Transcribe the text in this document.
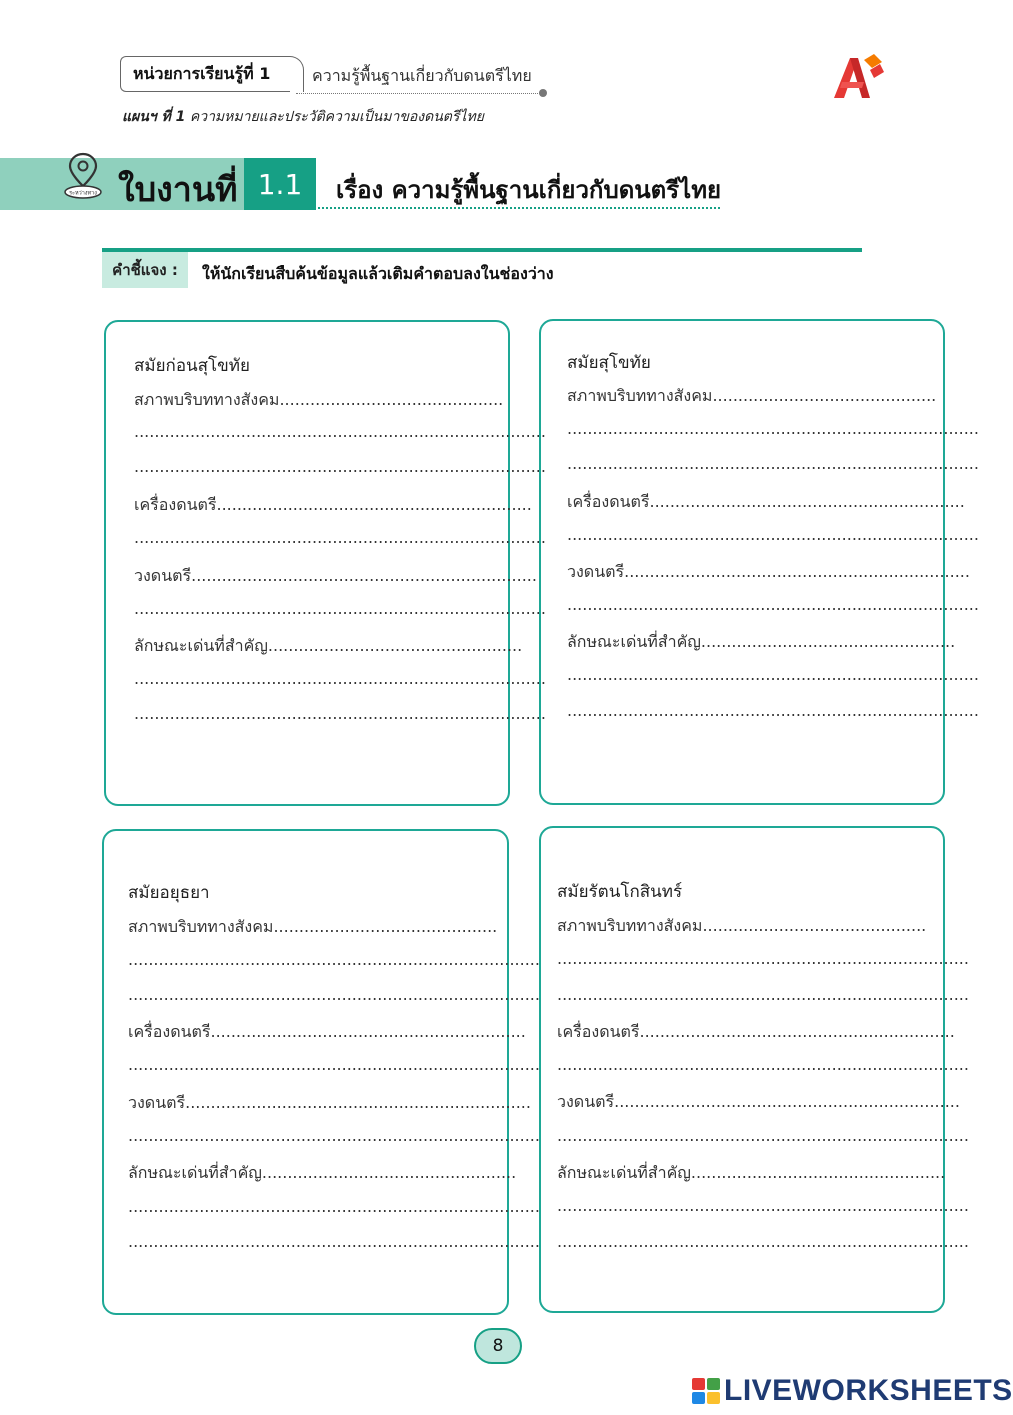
หน่วยการเรียนรู้ที่ 1	ความรู้พื้นฐานเกี่ยวกับดนตรีไทย
แผนฯ ที่ 1 ความหมายและประวัติความเป็นมาของดนตรีไทย
ระหว่างทาง ใบงานที่ 1.1	เรื่อง ความรู้พื้นฐานเกี่ยวกับดนตรีไทย
คำชี้แจง :	ให้นักเรียนสืบค้นข้อมูลแล้วเติมคำตอบลงในช่องว่าง
สมัยก่อนสุโขทัย
สภาพบริบททางสังคม............................................
.................................................................................
.................................................................................
เครื่องดนตรี..............................................................
.................................................................................
วงดนตรี....................................................................
.................................................................................
ลักษณะเด่นที่สำคัญ..................................................
.................................................................................
.................................................................................
สมัยสุโขทัย
สภาพบริบททางสังคม............................................
.................................................................................
.................................................................................
เครื่องดนตรี..............................................................
.................................................................................
วงดนตรี....................................................................
.................................................................................
ลักษณะเด่นที่สำคัญ..................................................
.................................................................................
.................................................................................
สมัยอยุธยา
สภาพบริบททางสังคม............................................
.................................................................................
.................................................................................
เครื่องดนตรี..............................................................
.................................................................................
วงดนตรี....................................................................
.................................................................................
ลักษณะเด่นที่สำคัญ..................................................
.................................................................................
.................................................................................
สมัยรัตนโกสินทร์
สภาพบริบททางสังคม............................................
.................................................................................
.................................................................................
เครื่องดนตรี..............................................................
.................................................................................
วงดนตรี....................................................................
.................................................................................
ลักษณะเด่นที่สำคัญ..................................................
.................................................................................
.................................................................................
8
LIVEWORKSHEETS
